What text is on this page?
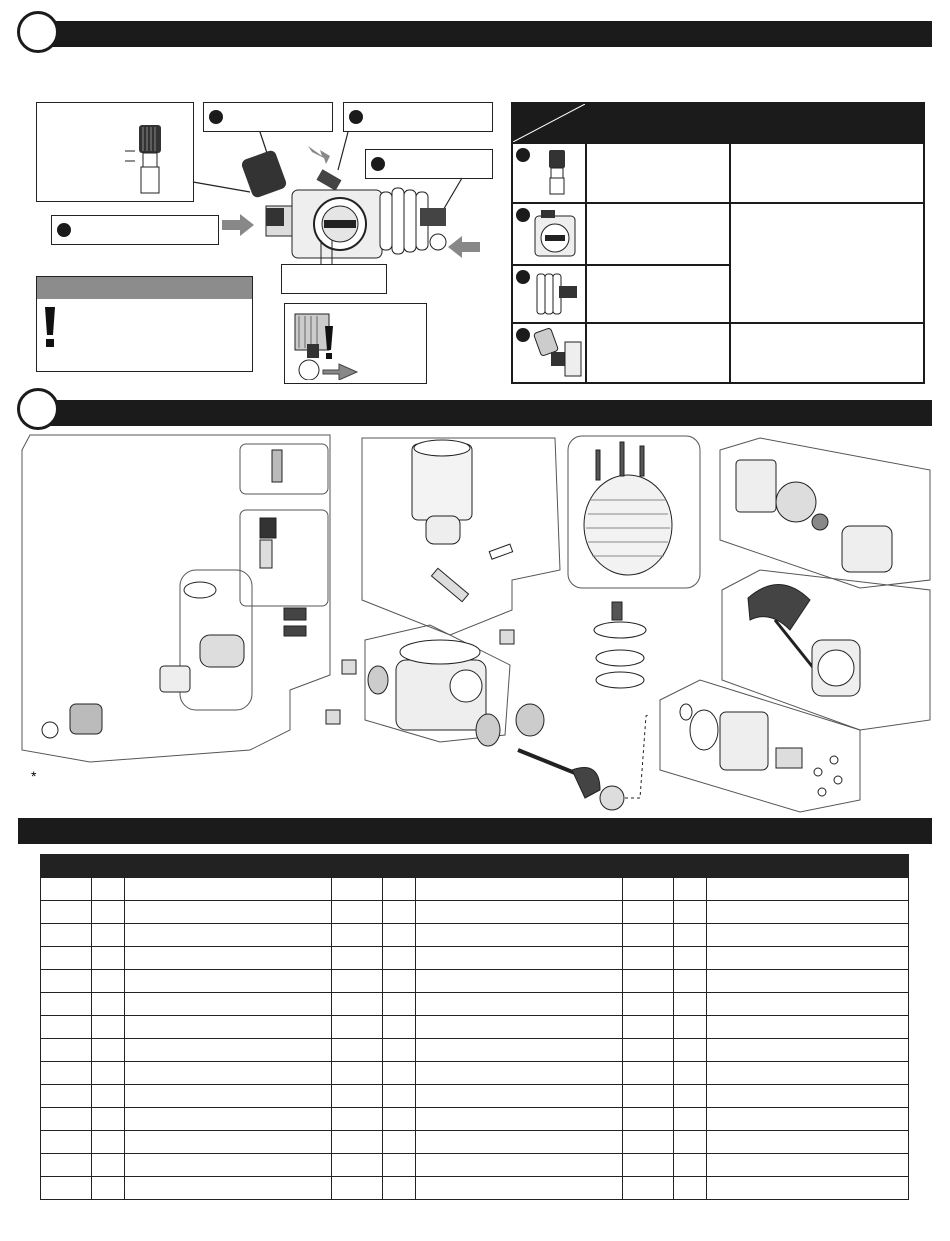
*
